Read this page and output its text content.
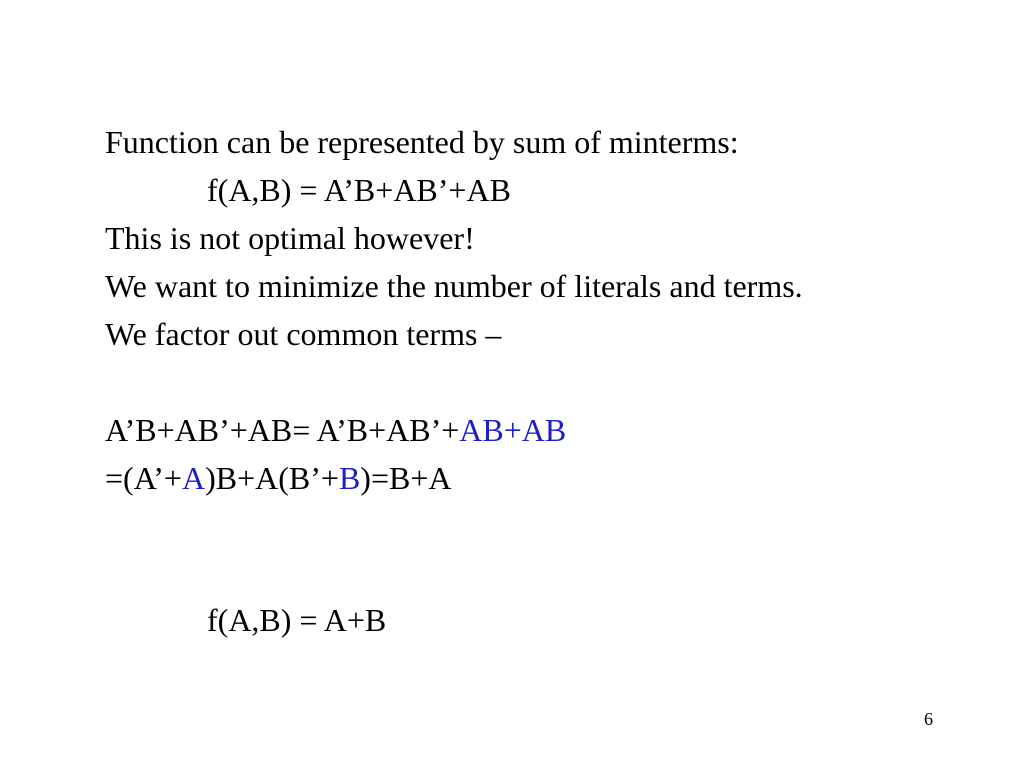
Function can be represented by sum of minterms:
f(A,B) = A’B+AB’+AB
This is not optimal however!
We want to minimize the number of literals and terms.
We factor out common terms –
A’B+AB’+AB= A’B+AB’+AB+AB
=(A’+A)B+A(B’+B)=B+A
f(A,B) = A+B
6
